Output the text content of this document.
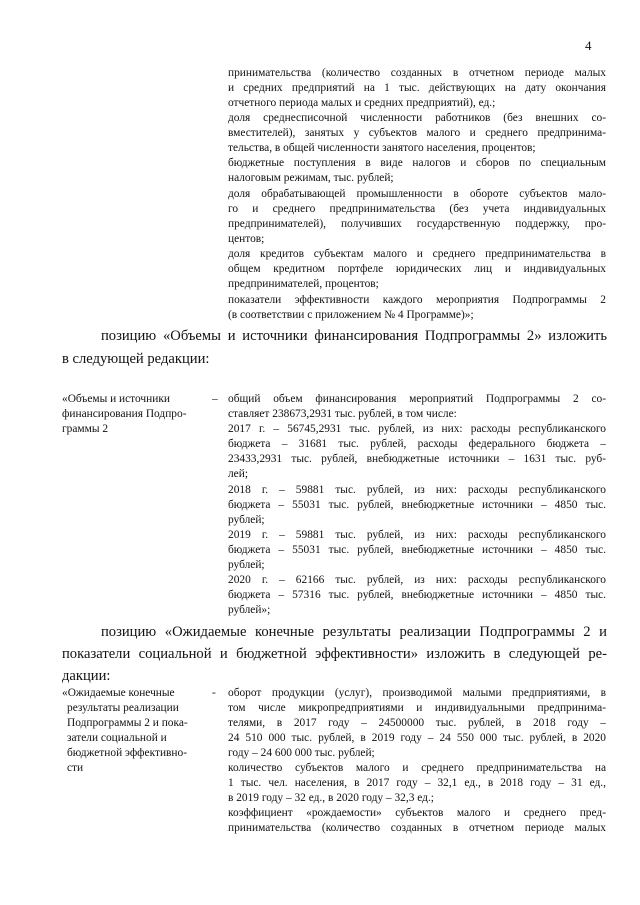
4
принимательства (количество созданных в отчетном периоде малых
и средних предприятий на 1 тыс. действующих на дату окончания
отчетного периода малых и средних предприятий), ед.;
доля среднесписочной численности работников (без внешних со-
вместителей), занятых у субъектов малого и среднего предпринима-
тельства, в общей численности занятого населения, процентов;
бюджетные поступления в виде налогов и сборов по специальным
налоговым режимам, тыс. рублей;
доля обрабатывающей промышленности в обороте субъектов мало-
го и среднего предпринимательства (без учета индивидуальных
предпринимателей), получивших государственную поддержку, про-
центов;
доля кредитов субъектам малого и среднего предпринимательства в
общем кредитном портфеле юридических лиц и индивидуальных
предпринимателей, процентов;
показатели эффективности каждого мероприятия Подпрограммы 2
(в соответствии с приложением № 4 Программе)»;
позицию «Объемы и источники финансирования Подпрограммы 2» изложить
в следующей редакции:
«Объемы и источники
финансирования Подпро-
граммы 2
– общий объем финансирования мероприятий Подпрограммы 2 со-
ставляет 238673,2931 тыс. рублей, в том числе:
2017 г. – 56745,2931 тыс. рублей, из них: расходы республиканского
бюджета – 31681 тыс. рублей, расходы федерального бюджета –
23433,2931 тыс. рублей, внебюджетные источники – 1631 тыс. руб-
лей;
2018 г. – 59881 тыс. рублей, из них: расходы республиканского
бюджета – 55031 тыс. рублей, внебюджетные источники – 4850 тыс.
рублей;
2019 г. – 59881 тыс. рублей, из них: расходы республиканского
бюджета – 55031 тыс. рублей, внебюджетные источники – 4850 тыс.
рублей;
2020 г. – 62166 тыс. рублей, из них: расходы республиканского
бюджета – 57316 тыс. рублей, внебюджетные источники – 4850 тыс.
рублей»;
позицию «Ожидаемые конечные результаты реализации Подпрограммы 2 и
показатели социальной и бюджетной эффективности» изложить в следующей ре-
дакции:
«Ожидаемые конечные
результаты реализации
Подпрограммы 2 и пока-
затели социальной и
бюджетной эффективно-
сти
- оборот продукции (услуг), производимой малыми предприятиями, в
том числе микропредприятиями и индивидуальными предпринима-
телями, в 2017 году – 24500000 тыс. рублей, в 2018 году –
24 510 000 тыс. рублей, в 2019 году – 24 550 000 тыс. рублей, в 2020
году – 24 600 000 тыс. рублей;
количество субъектов малого и среднего предпринимательства на
1 тыс. чел. населения, в 2017 году – 32,1 ед., в 2018 году – 31 ед.,
в 2019 году – 32 ед., в 2020 году – 32,3 ед.;
коэффициент «рождаемости» субъектов малого и среднего пред-
принимательства (количество созданных в отчетном периоде малых
